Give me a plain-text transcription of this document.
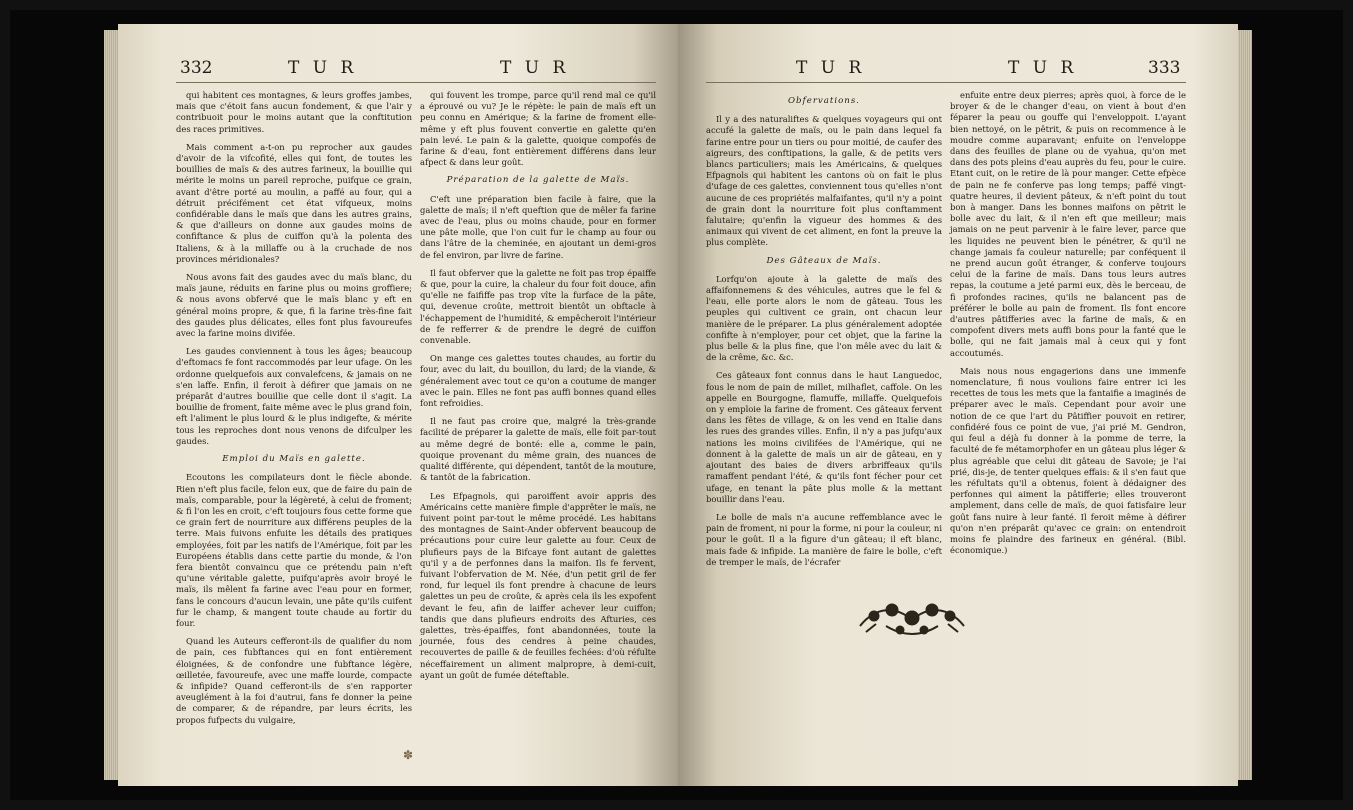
332	T U R	T U R

qui habitent ces montagnes, & leurs groffes jambes, mais que c'étoit fans aucun fondement, & que l'air y contribuoit pour le moins autant que la conftitution des races primitives.

Mais comment a-t-on pu reprocher aux gaudes d'avoir de la vifcofité, elles qui font, de toutes les bouillies de maïs & des autres farineux, la bouillie qui mérite le moins un pareil reproche, puifque ce grain, avant d'être porté au moulin, a paffé au four, qui a détruit précifément cet état vifqueux, moins confidérable dans le maïs que dans les autres grains, & que d'ailleurs on donne aux gaudes moins de confiftance & plus de cuiffon qu'à la polenta des Italiens, & à la millaffe ou à la cruchade de nos provinces méridionales?

Nous avons fait des gaudes avec du maïs blanc, du maïs jaune, réduits en farine plus ou moins groffiere; & nous avons obfervé que le maïs blanc y eft en général moins propre, & que, fi la farine très-fine fait des gaudes plus délicates, elles font plus favoureufes avec la farine moins divifée.

Les gaudes conviennent à tous les âges; beaucoup d'eftomacs fe font raccommodés par leur ufage. On les ordonne quelquefois aux convalefcens, & jamais on ne s'en laffe. Enfin, il feroit à défirer que jamais on ne préparât d'autres bouillie que celle dont il s'agit. La bouillie de froment, faite même avec le plus grand foin, eft l'aliment le plus lourd & le plus indigefte, & mérite tous les reproches dont nous venons de difculper les gaudes.

Emploi du Maïs en galette.

Ecoutons les compilateurs dont le fiècle abonde. Rien n'eft plus facile, felon eux, que de faire du pain de maïs, comparable, pour la légèreté, à celui de froment; & fi l'on les en croit, c'eft toujours fous cette forme que ce grain fert de nourriture aux différens peuples de la terre. Mais fuivons enfuite les détails des pratiques employées, foit par les natifs de l'Amérique, foit par les Européens établis dans cette partie du monde, & l'on fera bientôt convaincu que ce prétendu pain n'eft qu'une véritable galette, puifqu'après avoir broyé le maïs, ils mêlent fa farine avec l'eau pour en former, fans le concours d'aucun levain, une pâte qu'ils cuifent fur le champ, & mangent toute chaude au fortir du four.

Quand les Auteurs cefferont-ils de qualifier du nom de pain, ces fubftances qui en font entièrement éloignées, & de confondre une fubftance légère, œilletée, favoureufe, avec une maffe lourde, compacte & infipide? Quand cefferont-ils de s'en rapporter aveuglément à la foi d'autrui, fans fe donner la peine de comparer, & de répandre, par leurs écrits, les propos fufpects du vulgaire,

qui fouvent les trompe, parce qu'il rend mal ce qu'il a éprouvé ou vu? Je le répète: le pain de maïs eft un peu connu en Amérique; & la farine de froment elle-même y eft plus fouvent convertie en galette qu'en pain levé. Le pain & la galette, quoique compofés de farine & d'eau, font entièrement différens dans leur afpect & dans leur goût.

Préparation de la galette de Maïs.

C'eft une préparation bien facile à faire, que la galette de maïs; il n'eft queftion que de mêler fa farine avec de l'eau, plus ou moins chaude, pour en former une pâte molle, que l'on cuit fur le champ au four ou dans l'âtre de la cheminée, en ajoutant un demi-gros de fel environ, par livre de farine.

Il faut obferver que la galette ne foit pas trop épaiffe & que, pour la cuire, la chaleur du four foit douce, afin qu'elle ne faififfe pas trop vîte la furface de la pâte, qui, devenue croûte, mettroit bientôt un obftacle à l'échappement de l'humidité, & empêcheroit l'intérieur de fe refferrer & de prendre le degré de cuiffon convenable.

On mange ces galettes toutes chaudes, au fortir du four, avec du lait, du bouillon, du lard; de la viande, & généralement avec tout ce qu'on a coutume de manger avec le pain. Elles ne font pas auffi bonnes quand elles font refroidies.

Il ne faut pas croire que, malgré la très-grande facilité de préparer la galette de maïs, elle foit par-tout au même degré de bonté: elle a, comme le pain, quoique provenant du même grain, des nuances de qualité différente, qui dépendent, tantôt de la mouture, & tantôt de la fabrication.

Les Efpagnols, qui paroiffent avoir appris des Américains cette manière fimple d'apprêter le maïs, ne fuivent point par-tout le même procédé. Les habitans des montagnes de Saint-Ander obfervent beaucoup de précautions pour cuire leur galette au four. Ceux de plufieurs pays de la Bifcaye font autant de galettes qu'il y a de perfonnes dans la maifon. Ils fe fervent, fuivant l'obfervation de M. Née, d'un petit gril de fer rond, fur lequel ils font prendre à chacune de leurs galettes un peu de croûte, & après cela ils les expofent devant le feu, afin de laiffer achever leur cuiffon; tandis que dans plufieurs endroits des Afturies, ces galettes, très-épaiffes, font abandonnées, toute la journée, fous des cendres à peine chaudes, recouvertes de paille & de feuilles fechées: d'où réfulte néceffairement un aliment malpropre, à demi-cuit, ayant un goût de fumée déteftable.

✽
T U R	T U R	333
Obfervations.

Il y a des naturaliftes & quelques voyageurs qui ont accufé la galette de maïs, ou le pain dans lequel fa farine entre pour un tiers ou pour moitié, de caufer des aigreurs, des conftipations, la galle, & de petits vers blancs particuliers; mais les Américains, & quelques Efpagnols qui habitent les cantons où on fait le plus d'ufage de ces galettes, conviennent tous qu'elles n'ont aucune de ces propriétés malfaifantes, qu'il n'y a point de grain dont la nourriture foit plus conftamment falutaire; qu'enfin la vigueur des hommes & des animaux qui vivent de cet aliment, en font la preuve la plus complète.

Des Gâteaux de Maïs.

Lorfqu'on ajoute à la galette de maïs des affaifonnemens & des véhicules, autres que le fel & l'eau, elle porte alors le nom de gâteau. Tous les peuples qui cultivent ce grain, ont chacun leur manière de le préparer. La plus généralement adoptée confifte à n'employer, pour cet objet, que la farine la plus belle & la plus fine, que l'on mêle avec du lait & de la crême, &c. &c.

Ces gâteaux font connus dans le haut Languedoc, fous le nom de pain de millet, milhaflet, caffole. On les appelle en Bourgogne, flamuffe, millaffe. Quelquefois on y emploie la farine de froment. Ces gâteaux fervent dans les fêtes de village, & on les vend en Italie dans les rues des grandes villes. Enfin, il n'y a pas jufqu'aux nations les moins civilifées de l'Amérique, qui ne donnent à la galette de maïs un air de gâteau, en y ajoutant des baies de divers arbriffeaux qu'ils ramaffent pendant l'été, & qu'ils font fécher pour cet ufage, en tenant la pâte plus molle & la mettant bouillir dans l'eau.

Le bolle de maïs n'a aucune reffemblance avec le pain de froment, ni pour la forme, ni pour la couleur, ni pour le goût. Il a la figure d'un gâteau; il eft blanc, mais fade & infipide. La manière de faire le bolle, c'eft de tremper le maïs, de l'écrafer

enfuite entre deux pierres; après quoi, à force de le broyer & de le changer d'eau, on vient à bout d'en féparer la peau ou gouffe qui l'enveloppoit. L'ayant bien nettoyé, on le pêtrit, & puis on recommence à le moudre comme auparavant; enfuite on l'enveloppe dans des feuilles de plane ou de vyahua, qu'on met dans des pots pleins d'eau auprès du feu, pour le cuire. Etant cuit, on le retire de là pour manger. Cette efpèce de pain ne fe conferve pas long temps; paffé vingt-quatre heures, il devient pâteux, & n'eft point du tout bon à manger. Dans les bonnes maifons on pêtrit le bolle avec du lait, & il n'en eft que meilleur; mais jamais on ne peut parvenir à le faire lever, parce que les liquides ne peuvent bien le pénétrer, & qu'il ne change jamais fa couleur naturelle; par conféquent il ne prend aucun goût étranger, & conferve toujours celui de la farine de maïs. Dans tous leurs autres repas, la coutume a jeté parmi eux, dès le berceau, de fi profondes racines, qu'ils ne balancent pas de préférer le bolle au pain de froment. Ils font encore d'autres pâtifferies avec la farine de maïs, & en compofent divers mets auffi bons pour la fanté que le bolle, qui ne fait jamais mal à ceux qui y font accoutumés.

Mais nous nous engagerions dans une immenfe nomenclature, fi nous voulions faire entrer ici les recettes de tous les mets que la fantaifie a imaginés de préparer avec le maïs. Cependant pour avoir une notion de ce que l'art du Pâtiffier pouvoit en retirer, confidéré fous ce point de vue, j'ai prié M. Gendron, qui feul a déjà fu donner à la pomme de terre, la faculté de fe métamorphofer en un gâteau plus léger & plus agréable que celui dit gâteau de Savoie; je l'ai prié, dis-je, de tenter quelques effais: & il s'en faut que les réfultats qu'il a obtenus, foient à dédaigner des perfonnes qui aiment la pâtifferie; elles trouveront amplement, dans celle de maïs, de quoi fatisfaire leur goût fans nuire à leur fanté. Il feroit même à défirer qu'on n'en préparât qu'avec ce grain: on entendroit moins fe plaindre des farineux en général. (Bibl. économique.)
